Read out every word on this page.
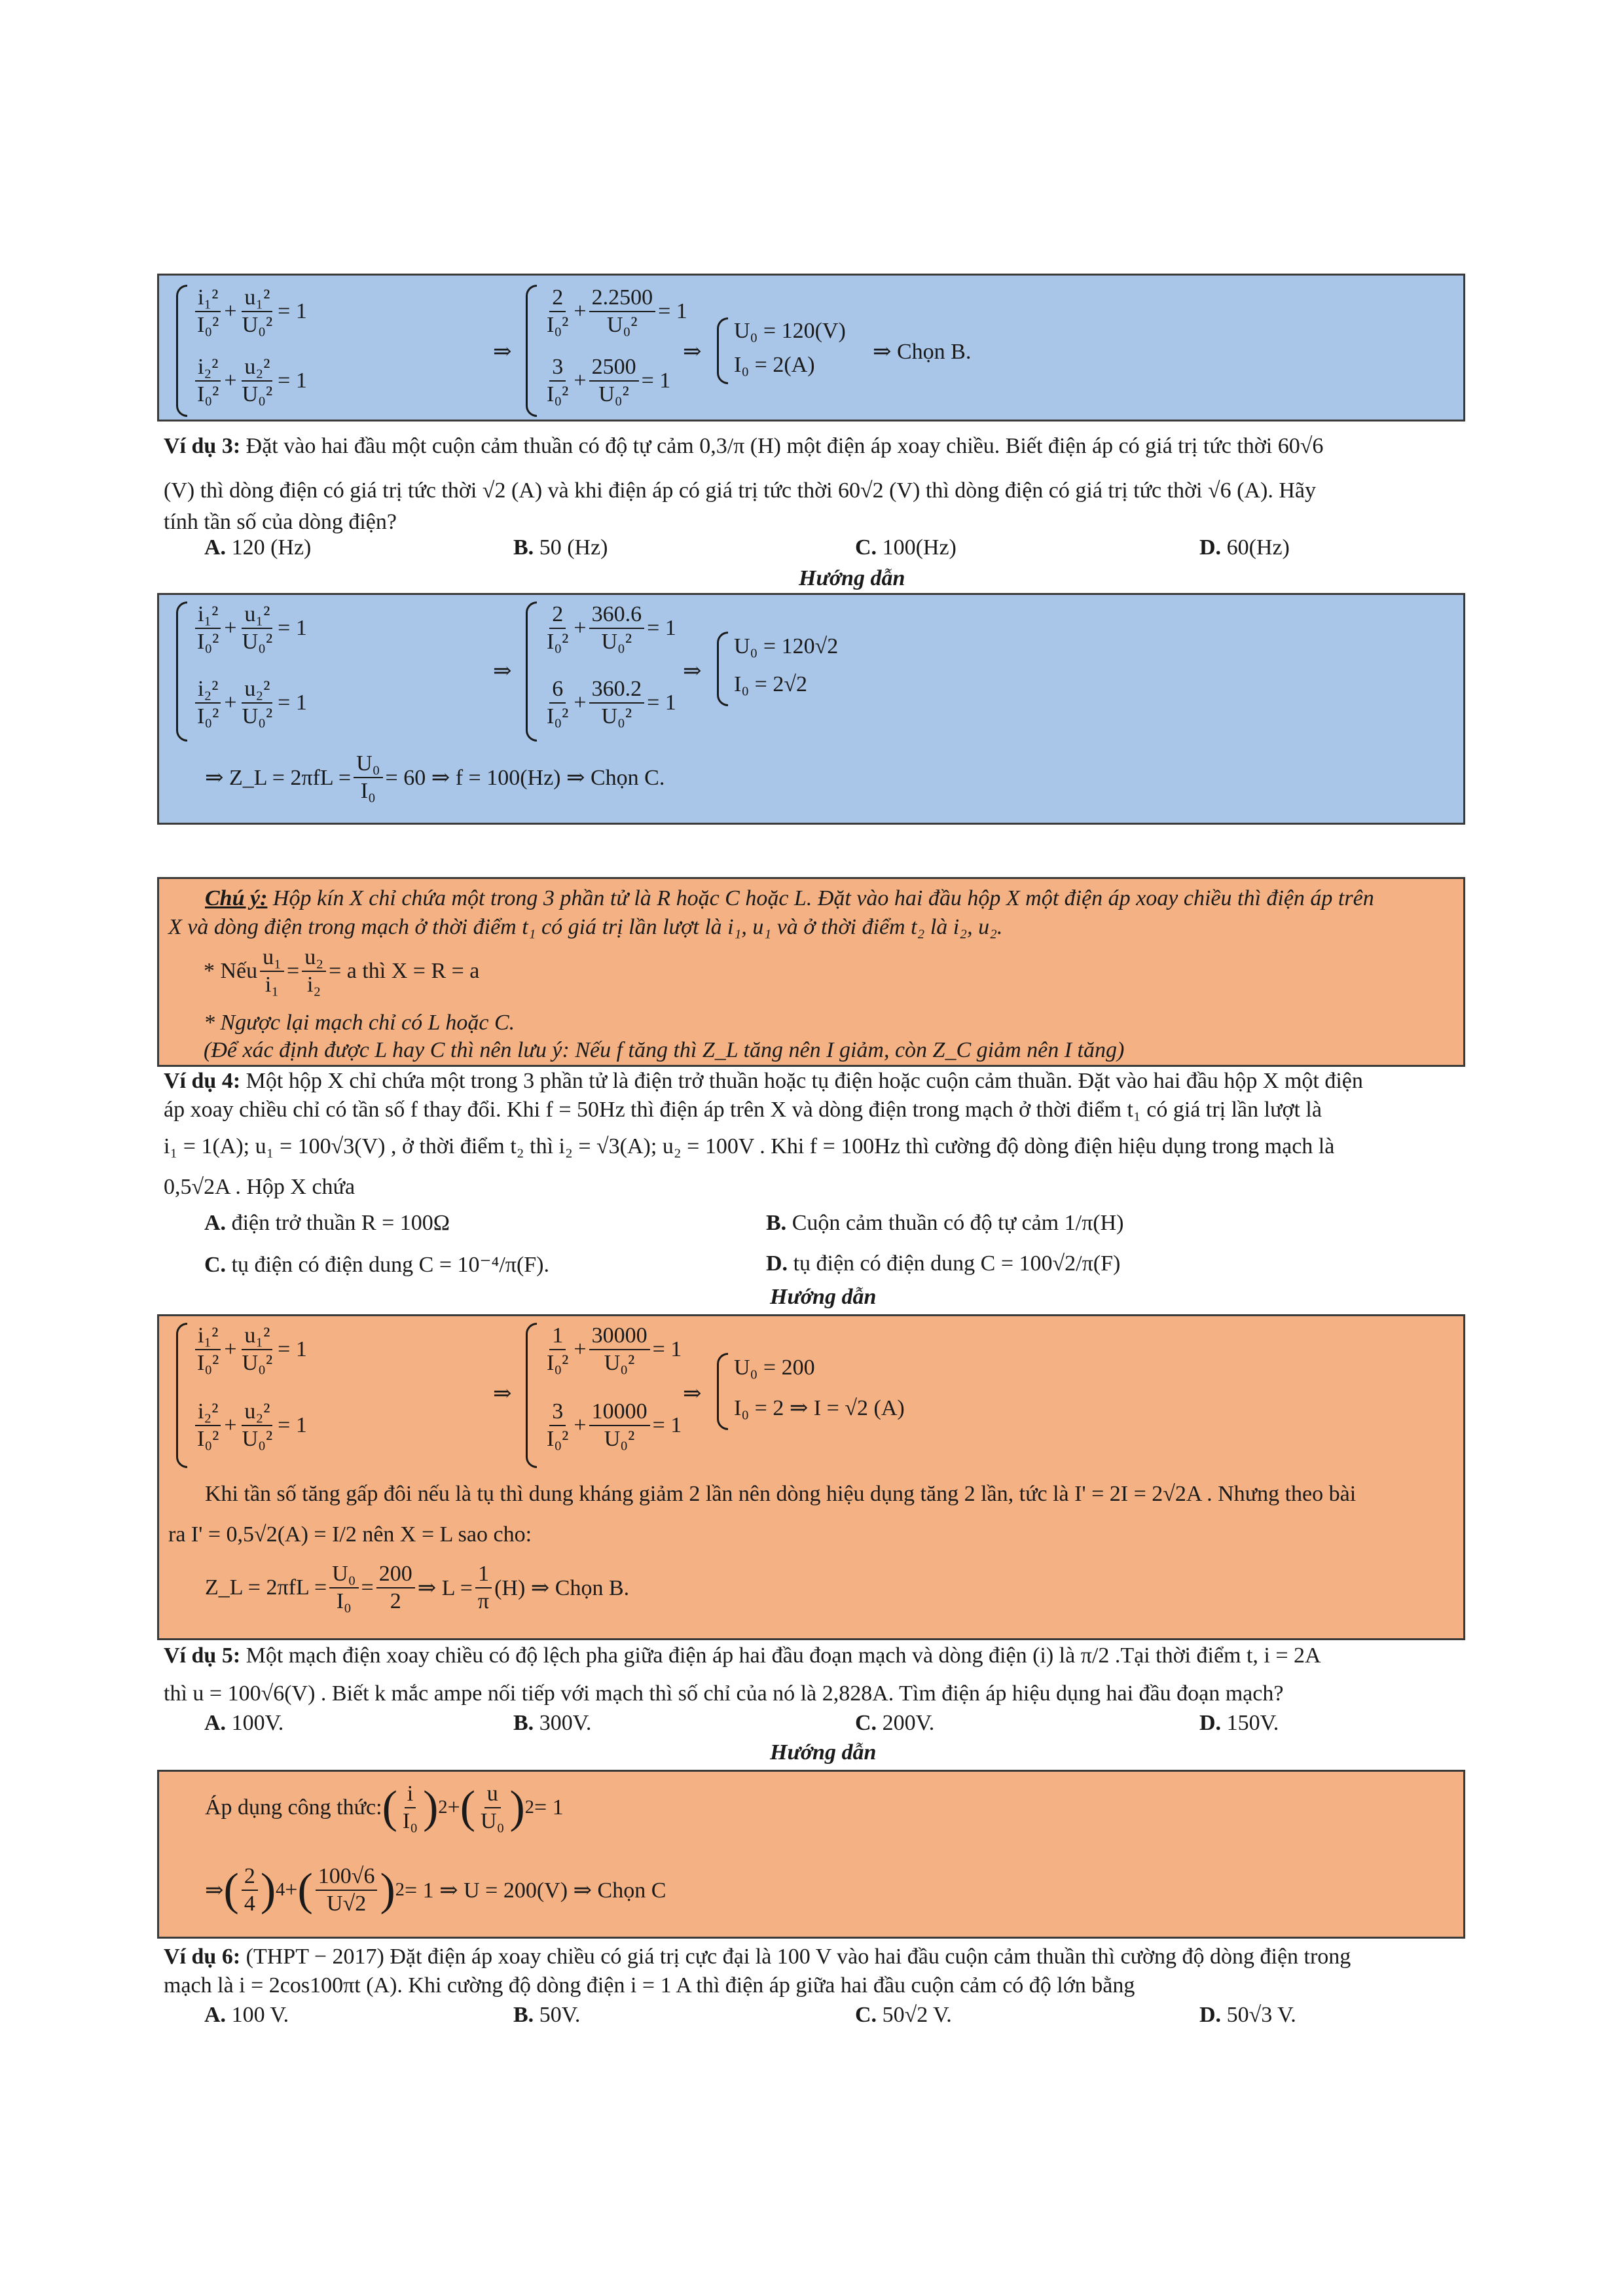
$\frac{\text{i₁²}}{\text{I₀²}} + \frac{\text{u₁²}}{\text{U₀²}} = 1$
$\frac{\text{i₂²}}{\text{I₀²}} + \frac{\text{u₂²}}{\text{U₀²}} = 1$
⇒
$\frac{2}{\text{I₀²}} + \frac{2.2500}{\text{U₀²}} = 1$
$\frac{3}{\text{I₀²}} + \frac{2500}{\text{U₀²}} = 1$
⇒
U₀ = 120(V)
I₀ = 2(A)
⇒ Chọn B.
Ví dụ 3: Đặt vào hai đầu một cuộn cảm thuần có độ tự cảm 0,3/π (H) một điện áp xoay chiều. Biết điện áp có giá trị tức thời 60√6
(V) thì dòng điện có giá trị tức thời √2 (A) và khi điện áp có giá trị tức thời 60√2 (V) thì dòng điện có giá trị tức thời √6 (A). Hãy
tính tần số của dòng điện?
A. 120 (Hz)	B. 50 (Hz)	C. 100(Hz)	D. 60(Hz)
Hướng dẫn
$\frac{\text{i₁²}}{\text{I₀²}} + \frac{\text{u₁²}}{\text{U₀²}} = 1$
$\frac{\text{i₂²}}{\text{I₀²}} + \frac{\text{u₂²}}{\text{U₀²}} = 1$
⇒
$\frac{2}{\text{I₀²}} + \frac{360.6}{\text{U₀²}} = 1$
$\frac{6}{\text{I₀²}} + \frac{360.2}{\text{U₀²}} = 1$
⇒
U₀ = 120√2
I₀ = 2√2
⇒ Z_L = $2\pi fL = \frac{\text{U₀}}{\text{I₀}} = 60$ ⇒ f = 100(Hz) ⇒ Chọn C.
Chú ý: Hộp kín X chỉ chứa một trong 3 phần tử là R hoặc C hoặc L. Đặt vào hai đầu hộp X một điện áp xoay chiều thì điện áp trên
X và dòng điện trong mạch ở thời điểm t₁ có giá trị lần lượt là i₁, u₁ và ở thời điểm t₂ là i₂, u₂.
* Nếu $\frac{\text{u₁}}{\text{i₁}} = \frac{\text{u₂}}{\text{i₂}} = a$ thì X = R = a
* Ngược lại mạch chỉ có L hoặc C.
(Để xác định được L hay C thì nên lưu ý: Nếu f tăng thì Z_L tăng nên I giảm, còn Z_C giảm nên I tăng)
Ví dụ 4: Một hộp X chỉ chứa một trong 3 phần tử là điện trở thuần hoặc tụ điện hoặc cuộn cảm thuần. Đặt vào hai đầu hộp X một điện
áp xoay chiều chỉ có tần số f thay đổi. Khi f = 50Hz thì điện áp trên X và dòng điện trong mạch ở thời điểm t₁ có giá trị lần lượt là
i₁ = 1(A); u₁ = 100√3(V) , ở thời điểm t₂ thì i₂ = √3(A); u₂ = 100V . Khi f = 100Hz thì cường độ dòng điện hiệu dụng trong mạch là
0,5√2A . Hộp X chứa
A. điện trở thuần R = 100Ω	B. Cuộn cảm thuần có độ tự cảm 1/π(H)
C. tụ điện có điện dung C = 10⁻⁴/π(F).	D. tụ điện có điện dung C = 100√2/π(F)
Hướng dẫn
$\frac{\text{i₁²}}{\text{I₀²}} + \frac{\text{u₁²}}{\text{U₀²}} = 1$
$\frac{\text{i₂²}}{\text{I₀²}} + \frac{\text{u₂²}}{\text{U₀²}} = 1$
⇒
$\frac{1}{\text{I₀²}} + \frac{30000}{\text{U₀²}} = 1$
$\frac{3}{\text{I₀²}} + \frac{10000}{\text{U₀²}} = 1$
⇒
U₀ = 200
I₀ = 2 ⇒ I = √2 (A)
Khi tần số tăng gấp đôi nếu là tụ thì dung kháng giảm 2 lần nên dòng hiệu dụng tăng 2 lần, tức là I' = 2I = 2√2A . Nhưng theo bài
ra I' = 0,5√2(A) = I/2 nên X = L sao cho:
Z_L = $2\pi fL = \frac{\text{U₀}}{\text{I₀}} = \frac{200}{2}$ ⇒ $L = \frac{1}{\pi} (H)$ ⇒ Chọn B.
Ví dụ 5: Một mạch điện xoay chiều có độ lệch pha giữa điện áp hai đầu đoạn mạch và dòng điện (i) là π/2 .Tại thời điểm t, i = 2A
thì u = 100√6(V) . Biết k mắc ampe nối tiếp với mạch thì số chỉ của nó là 2,828A. Tìm điện áp hiệu dụng hai đầu đoạn mạch?
A. 100V.	B. 300V.	C. 200V.	D. 150V.
Hướng dẫn
Áp dụng công thức: ( $\frac{i}{\text{I₀}}$ ) 2 + ( $\frac{u}{\text{U₀}}$ ) 2 = 1
⇒ ( $\frac{2}{4}$ ) 4 + ( $\frac{100√6}{U√2}$ ) 2 = 1 ⇒ U = 200(V) ⇒ Chọn C
Ví dụ 6: (THPT − 2017) Đặt điện áp xoay chiều có giá trị cực đại là 100 V vào hai đầu cuộn cảm thuần thì cường độ dòng điện trong
mạch là i = 2cos100πt (A). Khi cường độ dòng điện i = 1 A thì điện áp giữa hai đầu cuộn cảm có độ lớn bằng
A. 100 V.	B. 50V.	C. 50√2 V.	D. 50√3 V.
